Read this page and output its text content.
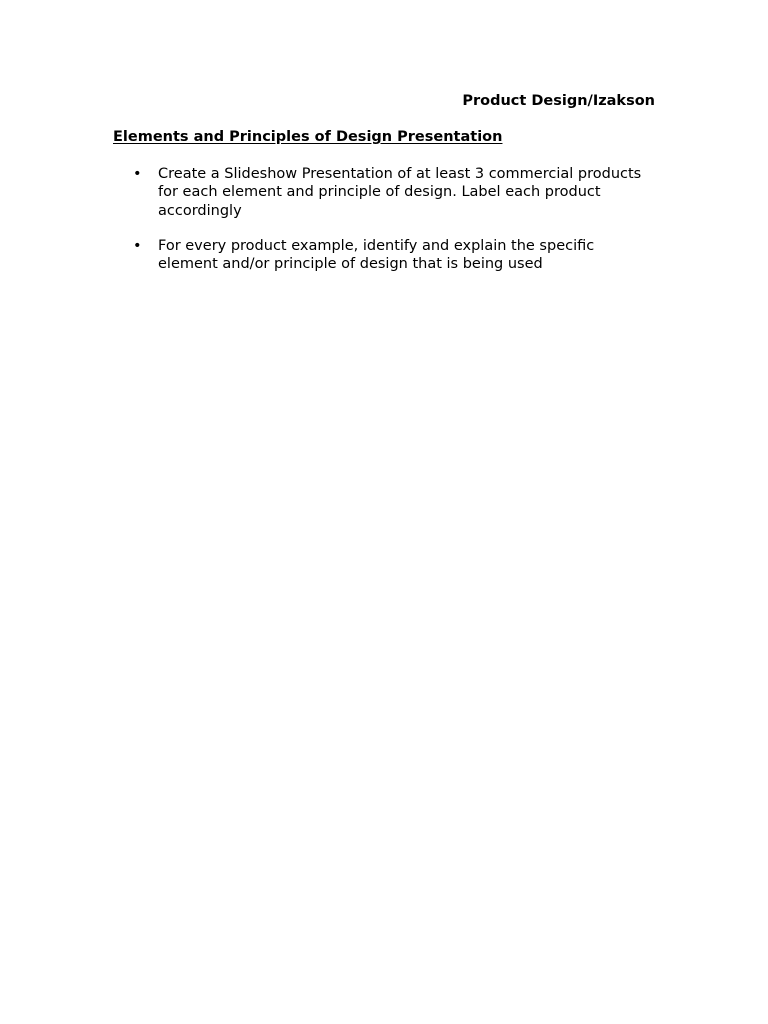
Product Design/Izakson
Elements and Principles of Design Presentation
• Create a Slideshow Presentation of at least 3 commercial products for each element and principle of design. Label each product accordingly
• For every product example, identify and explain the specific element and/or principle of design that is being used
